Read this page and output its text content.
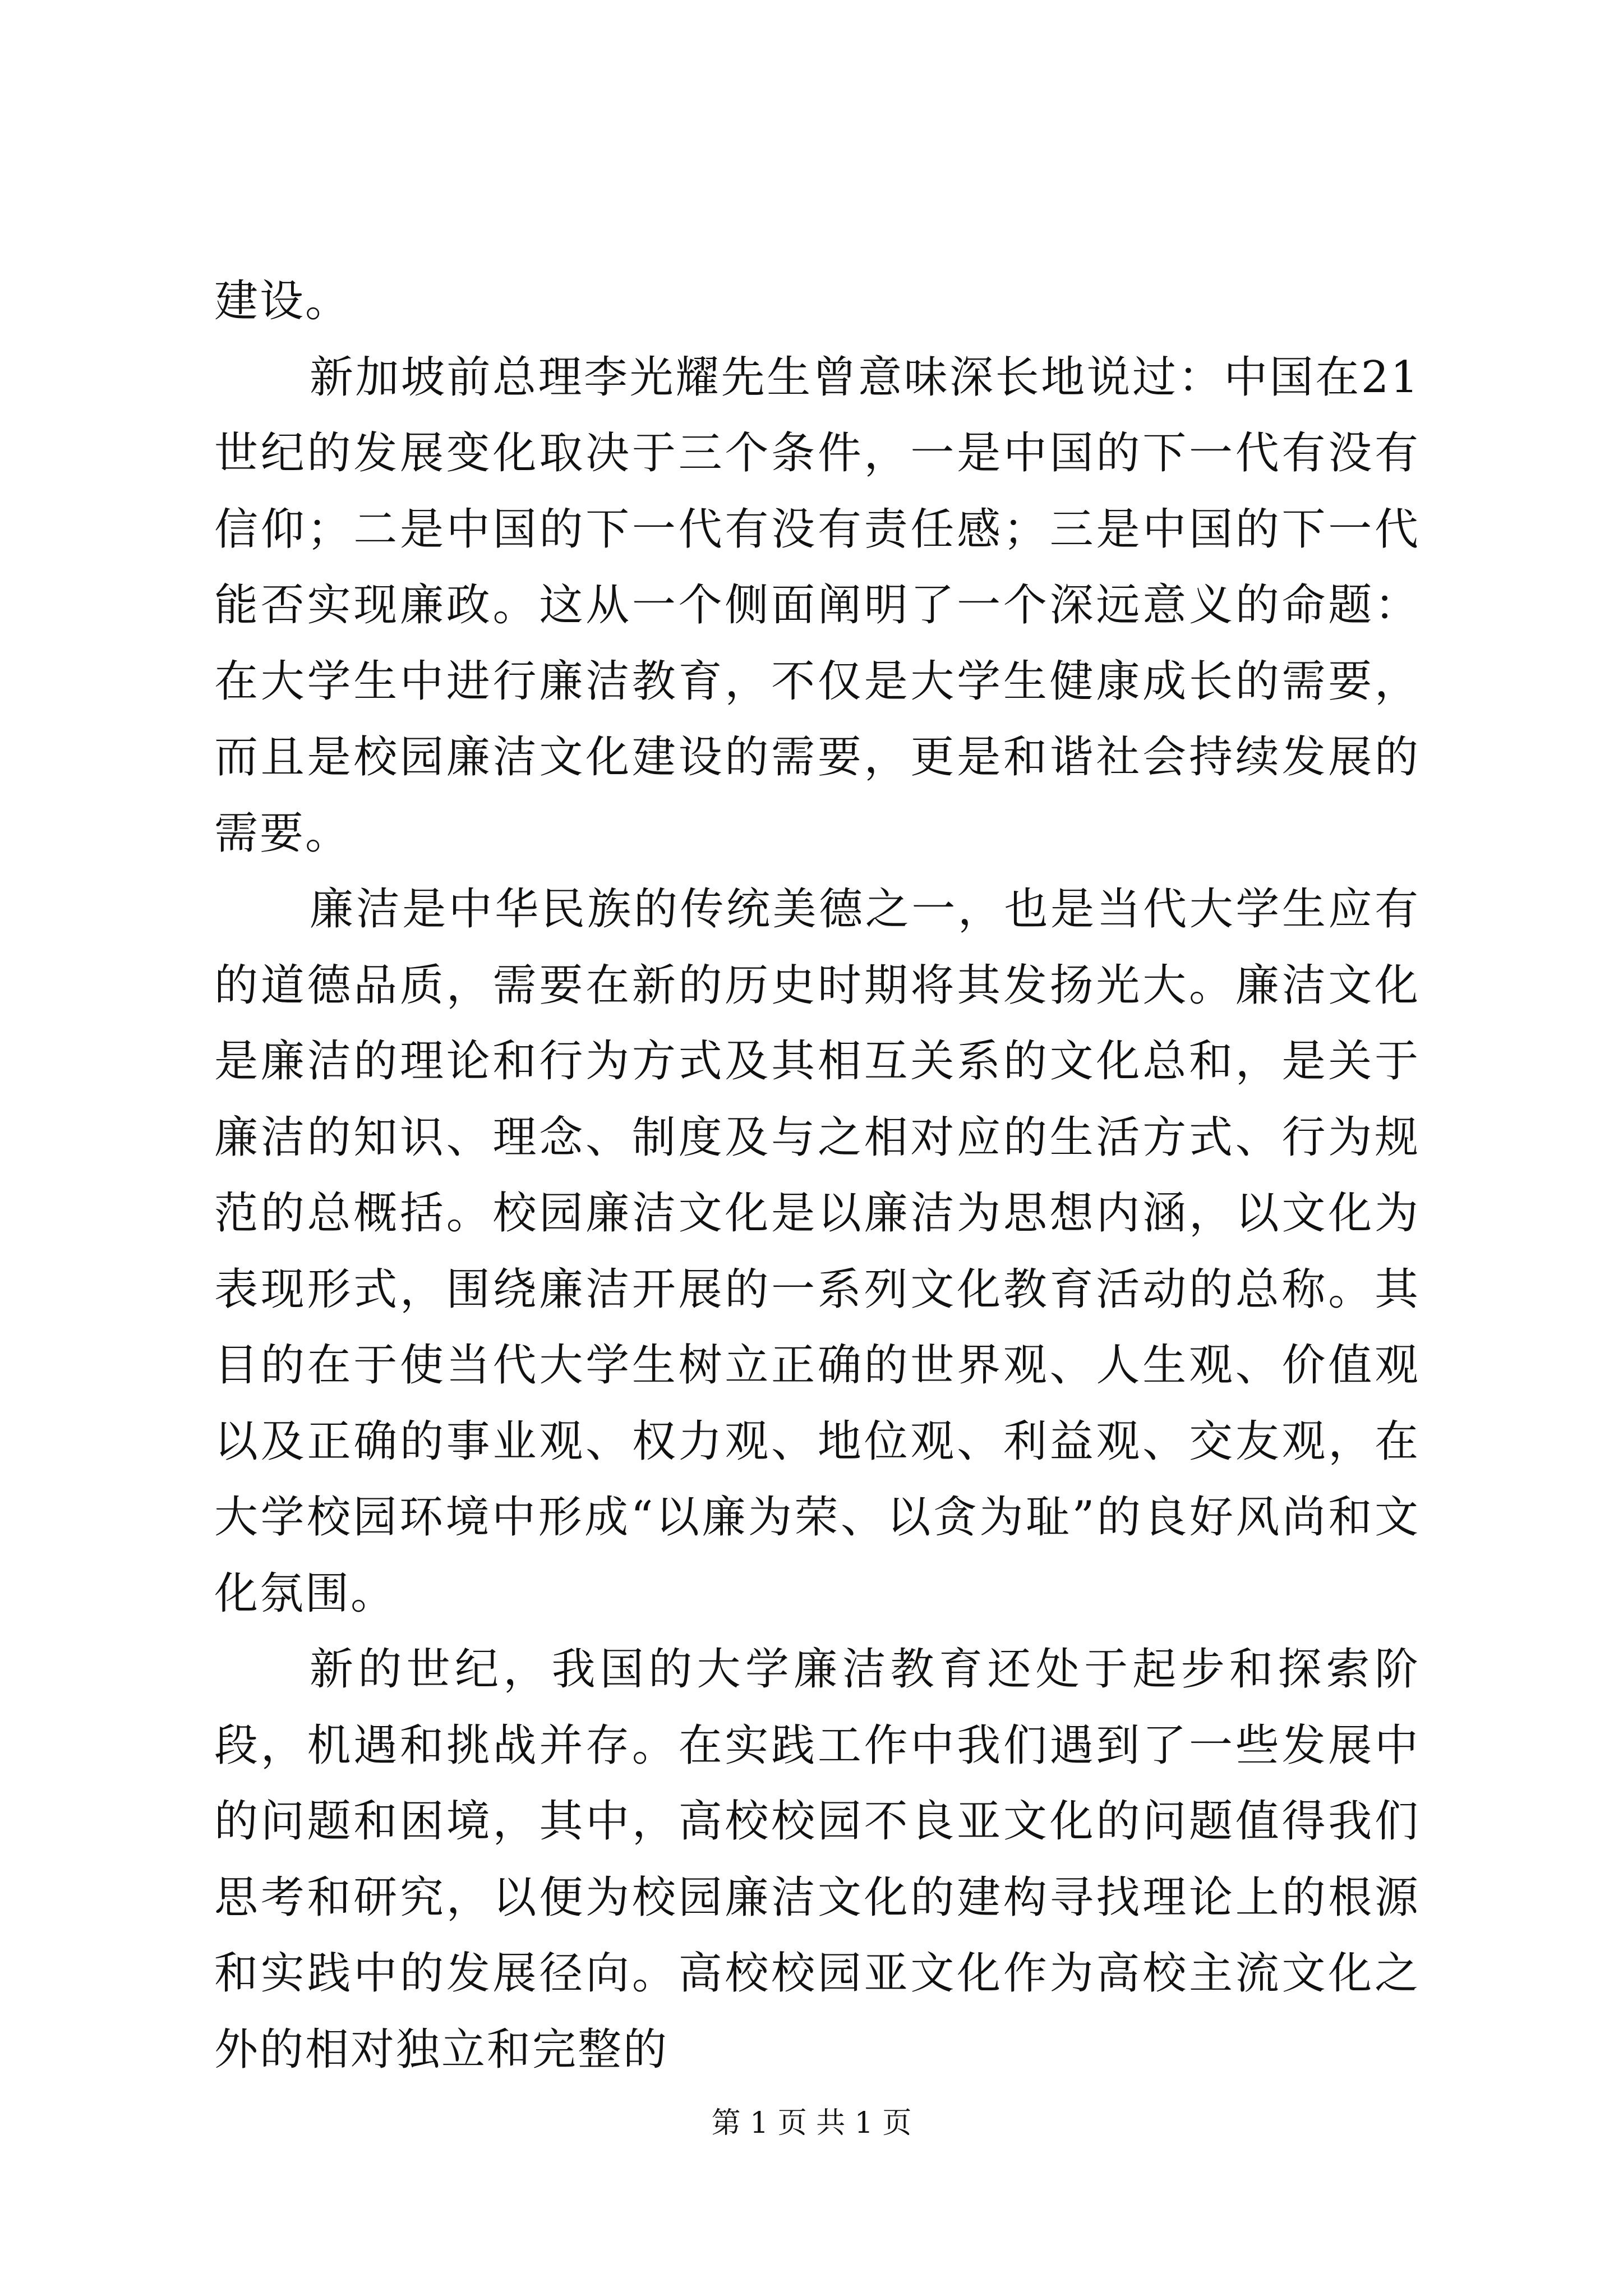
建设。

新加坡前总理李光耀先生曾意味深长地说过：中国在21世纪的发展变化取决于三个条件，一是中国的下一代有没有信仰；二是中国的下一代有没有责任感；三是中国的下一代能否实现廉政。这从一个侧面阐明了一个深远意义的命题：在大学生中进行廉洁教育，不仅是大学生健康成长的需要，而且是校园廉洁文化建设的需要，更是和谐社会持续发展的需要。

廉洁是中华民族的传统美德之一，也是当代大学生应有的道德品质，需要在新的历史时期将其发扬光大。廉洁文化是廉洁的理论和行为方式及其相互关系的文化总和，是关于廉洁的知识、理念、制度及与之相对应的生活方式、行为规范的总概括。校园廉洁文化是以廉洁为思想内涵，以文化为表现形式，围绕廉洁开展的一系列文化教育活动的总称。其目的在于使当代大学生树立正确的世界观、人生观、价值观以及正确的事业观、权力观、地位观、利益观、交友观，在大学校园环境中形成“以廉为荣、以贪为耻”的良好风尚和文化氛围。

新的世纪，我国的大学廉洁教育还处于起步和探索阶段，机遇和挑战并存。在实践工作中我们遇到了一些发展中的问题和困境，其中，高校校园不良亚文化的问题值得我们思考和研究，以便为校园廉洁文化的建构寻找理论上的根源和实践中的发展径向。高校校园亚文化作为高校主流文化之外的相对独立和完整的

第 1 页 共 1 页
